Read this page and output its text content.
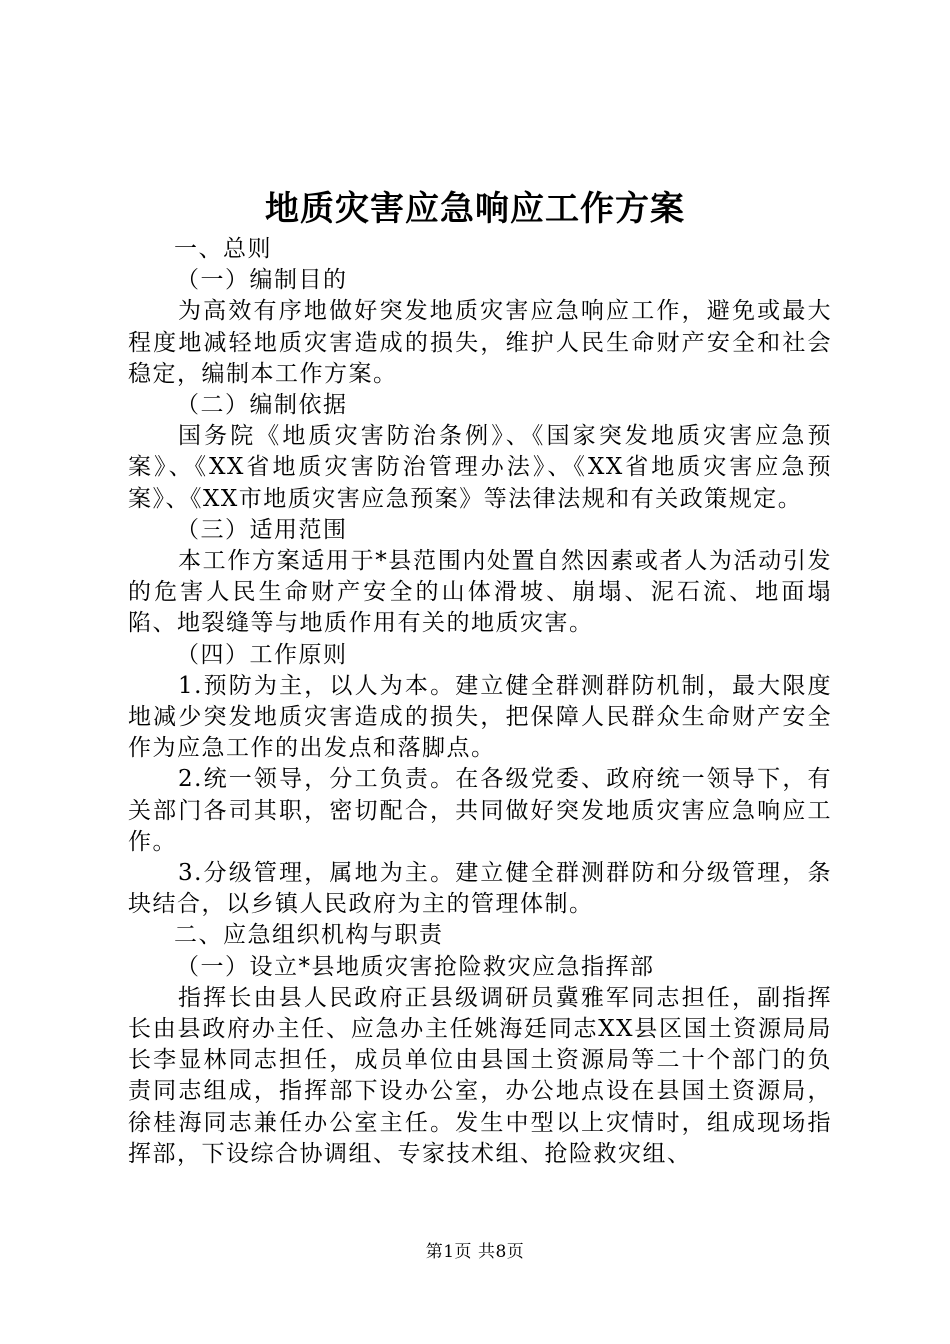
地质灾害应急响应工作方案

一、总则

（一）编制目的

为高效有序地做好突发地质灾害应急响应工作，避免或最大程度地减轻地质灾害造成的损失，维护人民生命财产安全和社会稳定，编制本工作方案。

（二）编制依据

国务院《地质灾害防治条例》、《国家突发地质灾害应急预案》、《XX省地质灾害防治管理办法》、《XX省地质灾害应急预案》、《XX市地质灾害应急预案》等法律法规和有关政策规定。

（三）适用范围

本工作方案适用于*县范围内处置自然因素或者人为活动引发的危害人民生命财产安全的山体滑坡、崩塌、泥石流、地面塌陷、地裂缝等与地质作用有关的地质灾害。

（四）工作原则

1.预防为主，以人为本。建立健全群测群防机制，最大限度地减少突发地质灾害造成的损失，把保障人民群众生命财产安全作为应急工作的出发点和落脚点。

2.统一领导，分工负责。在各级党委、政府统一领导下，有关部门各司其职，密切配合，共同做好突发地质灾害应急响应工作。

3.分级管理，属地为主。建立健全群测群防和分级管理，条块结合，以乡镇人民政府为主的管理体制。

二、应急组织机构与职责

（一）设立*县地质灾害抢险救灾应急指挥部

指挥长由县人民政府正县级调研员冀雅军同志担任，副指挥长由县政府办主任、应急办主任姚海廷同志XX县区国土资源局局长李显林同志担任，成员单位由县国土资源局等二十个部门的负责同志组成，指挥部下设办公室，办公地点设在县国土资源局，徐桂海同志兼任办公室主任。发生中型以上灾情时，组成现场指挥部，下设综合协调组、专家技术组、抢险救灾组、

第1页 共8页
